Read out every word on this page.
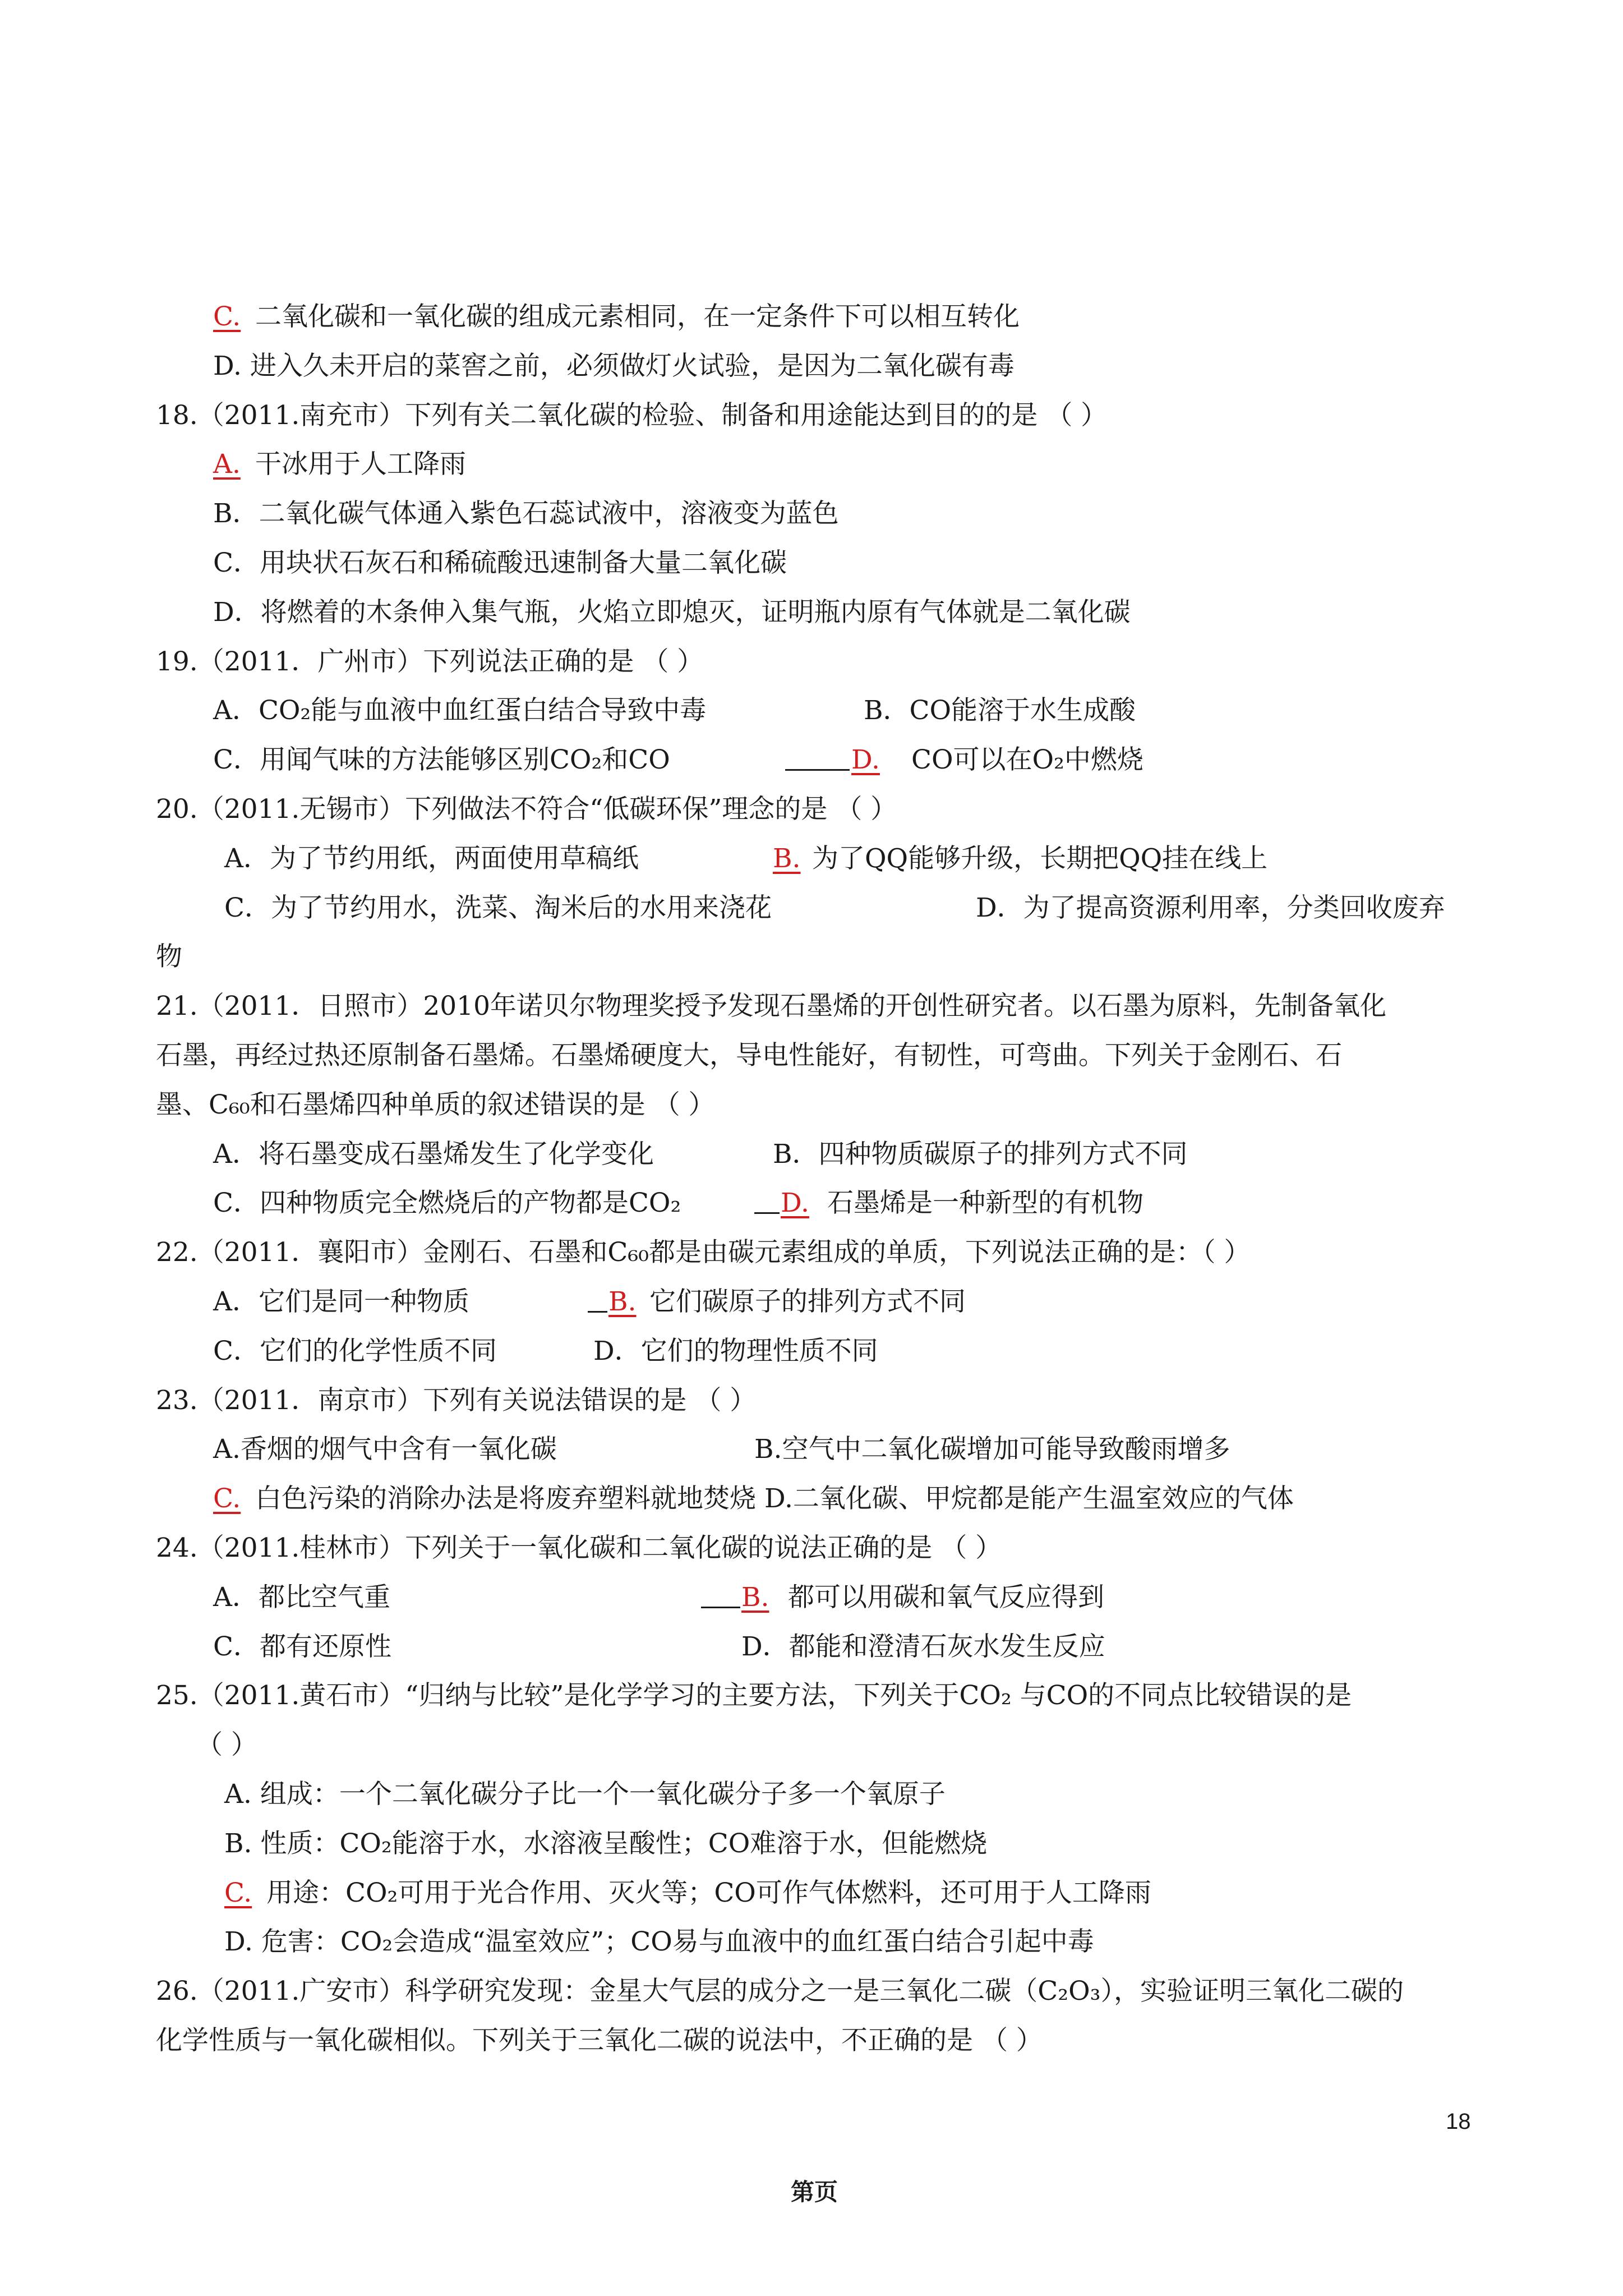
C. 二氧化碳和一氧化碳的组成元素相同，在一定条件下可以相互转化
D. 进入久未开启的菜窖之前，必须做灯火试验，是因为二氧化碳有毒
18.（2011.南充市）下列有关二氧化碳的检验、制备和用途能达到目的的是 （ ）
A. 干冰用于人工降雨
B．二氧化碳气体通入紫色石蕊试液中，溶液变为蓝色
C．用块状石灰石和稀硫酸迅速制备大量二氧化碳
D．将燃着的木条伸入集气瓶，火焰立即熄灭，证明瓶内原有气体就是二氧化碳
19.（2011．广州市）下列说法正确的是 （ ）
A．CO₂能与血液中血红蛋白结合导致中毒	B．CO能溶于水生成酸
C．用闻气味的方法能够区别CO₂和CO	D. CO可以在O₂中燃烧
20.（2011.无锡市）下列做法不符合“低碳环保”理念的是 （ ）
A．为了节约用纸，两面使用草稿纸	B. 为了QQ能够升级，长期把QQ挂在线上
C．为了节约用水，洗菜、淘米后的水用来浇花	D．为了提高资源利用率，分类回收废弃
物
21.（2011．日照市）2010年诺贝尔物理奖授予发现石墨烯的开创性研究者。以石墨为原料，先制备氧化
石墨，再经过热还原制备石墨烯。石墨烯硬度大，导电性能好，有韧性，可弯曲。下列关于金刚石、石
墨、C₆₀和石墨烯四种单质的叙述错误的是 （ ）
A．将石墨变成石墨烯发生了化学变化	B．四种物质碳原子的排列方式不同
C．四种物质完全燃烧后的产物都是CO₂	D. 石墨烯是一种新型的有机物
22.（2011．襄阳市）金刚石、石墨和C₆₀都是由碳元素组成的单质，下列说法正确的是：（ ）
A．它们是同一种物质	B. 它们碳原子的排列方式不同
C．它们的化学性质不同	D．它们的物理性质不同
23.（2011．南京市）下列有关说法错误的是 （ ）
A.香烟的烟气中含有一氧化碳	B.空气中二氧化碳增加可能导致酸雨增多
C. 白色污染的消除办法是将废弃塑料就地焚烧 D.二氧化碳、甲烷都是能产生温室效应的气体
24.（2011.桂林市）下列关于一氧化碳和二氧化碳的说法正确的是 （ ）
A．都比空气重	B. 都可以用碳和氧气反应得到
C．都有还原性	D．都能和澄清石灰水发生反应
25.（2011.黄石市）“归纳与比较”是化学学习的主要方法，下列关于CO₂ 与CO的不同点比较错误的是
（ ）
A. 组成：一个二氧化碳分子比一个一氧化碳分子多一个氧原子
B. 性质：CO₂能溶于水，水溶液呈酸性；CO难溶于水，但能燃烧
C. 用途：CO₂可用于光合作用、灭火等；CO可作气体燃料，还可用于人工降雨
D. 危害：CO₂会造成“温室效应”；CO易与血液中的血红蛋白结合引起中毒
26.（2011.广安市）科学研究发现：金星大气层的成分之一是三氧化二碳（C₂O₃），实验证明三氧化二碳的
化学性质与一氧化碳相似。下列关于三氧化二碳的说法中，不正确的是 （ ）
18
第页
